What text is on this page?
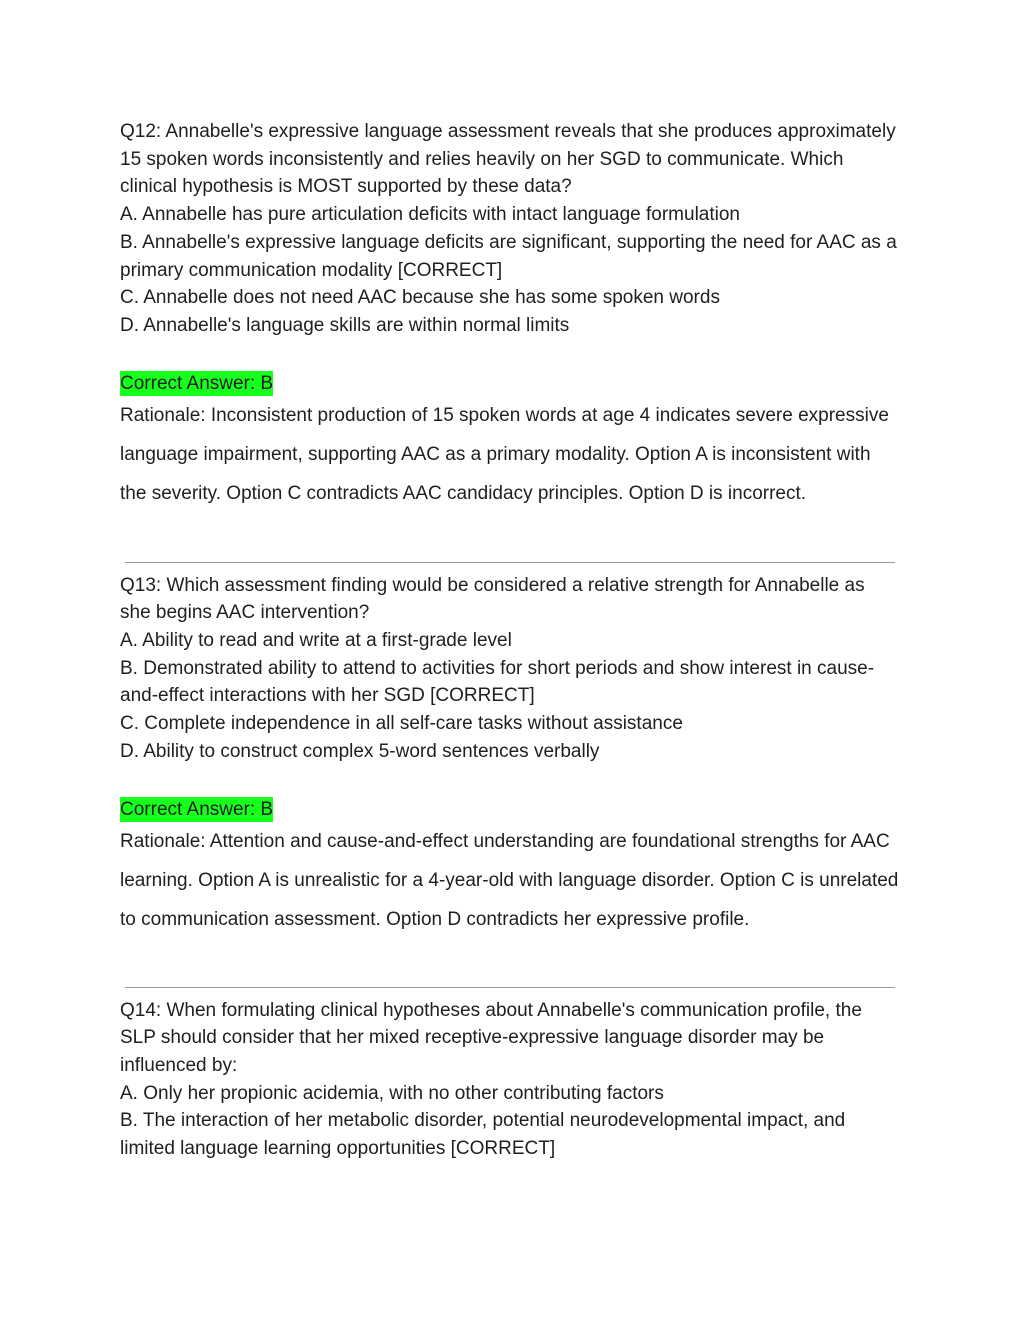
Q12: Annabelle's expressive language assessment reveals that she produces approximately 15 spoken words inconsistently and relies heavily on her SGD to communicate. Which clinical hypothesis is MOST supported by these data?

A. Annabelle has pure articulation deficits with intact language formulation

B. Annabelle's expressive language deficits are significant, supporting the need for AAC as a primary communication modality [CORRECT]

C. Annabelle does not need AAC because she has some spoken words

D. Annabelle's language skills are within normal limits

Correct Answer: B

Rationale: Inconsistent production of 15 spoken words at age 4 indicates severe expressive language impairment, supporting AAC as a primary modality. Option A is inconsistent with the severity. Option C contradicts AAC candidacy principles. Option D is incorrect.

Q13: Which assessment finding would be considered a relative strength for Annabelle as she begins AAC intervention?

A. Ability to read and write at a first-grade level

B. Demonstrated ability to attend to activities for short periods and show interest in cause-and-effect interactions with her SGD [CORRECT]

C. Complete independence in all self-care tasks without assistance

D. Ability to construct complex 5-word sentences verbally

Correct Answer: B

Rationale: Attention and cause-and-effect understanding are foundational strengths for AAC learning. Option A is unrealistic for a 4-year-old with language disorder. Option C is unrelated to communication assessment. Option D contradicts her expressive profile.

Q14: When formulating clinical hypotheses about Annabelle's communication profile, the SLP should consider that her mixed receptive-expressive language disorder may be influenced by:

A. Only her propionic acidemia, with no other contributing factors

B. The interaction of her metabolic disorder, potential neurodevelopmental impact, and limited language learning opportunities [CORRECT]
